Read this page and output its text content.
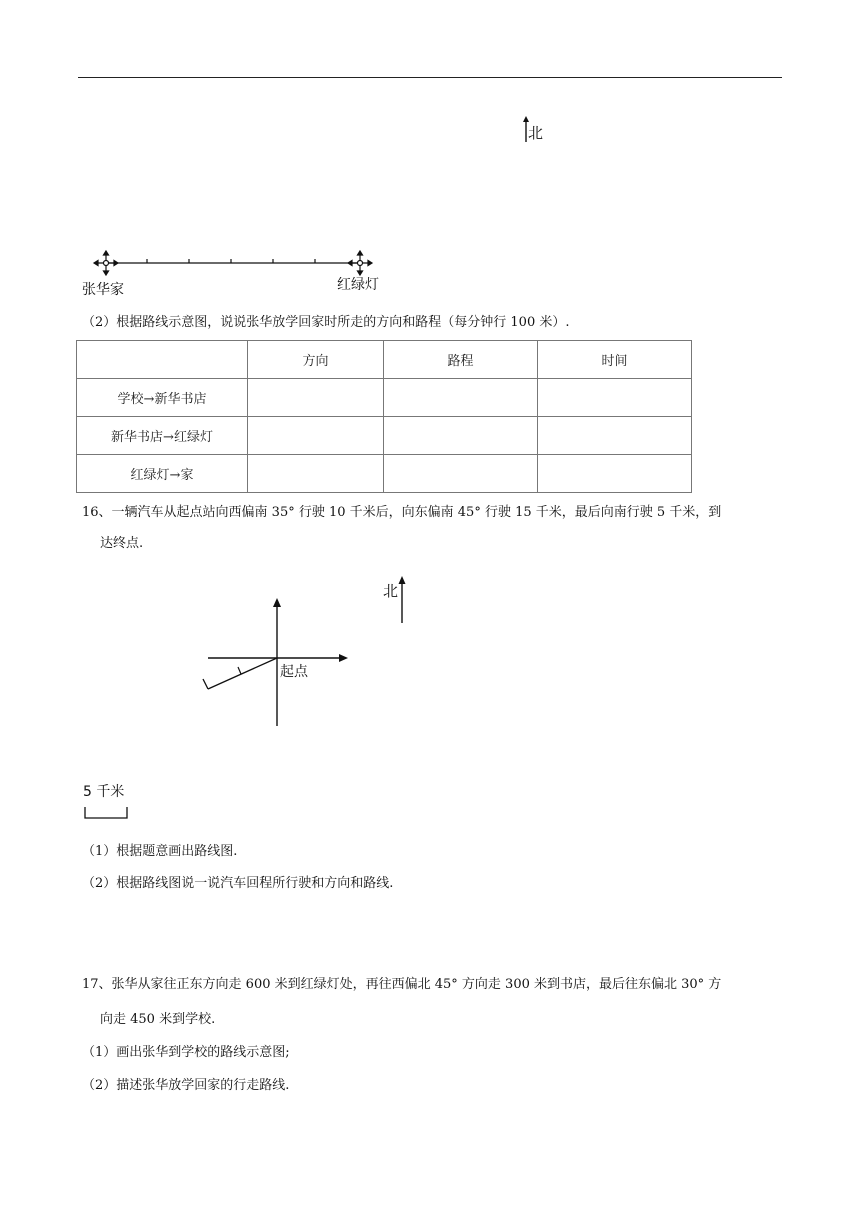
北
张华家	红绿灯
（2）根据路线示意图，说说张华放学回家时所走的方向和路程（每分钟行 100 米）.
	方向	路程	时间
学校→新华书店			
新华书店→红绿灯			
红绿灯→家			
16、一辆汽车从起点站向西偏南 35° 行驶 10 千米后，向东偏南 45° 行驶 15 千米，最后向南行驶 5 千米，到
达终点.
北
起点
5 千米
（1）根据题意画出路线图.
（2）根据路线图说一说汽车回程所行驶和方向和路线.
17、张华从家往正东方向走 600 米到红绿灯处，再往西偏北 45° 方向走 300 米到书店，最后往东偏北 30° 方
向走 450 米到学校.
（1）画出张华到学校的路线示意图;
（2）描述张华放学回家的行走路线.
